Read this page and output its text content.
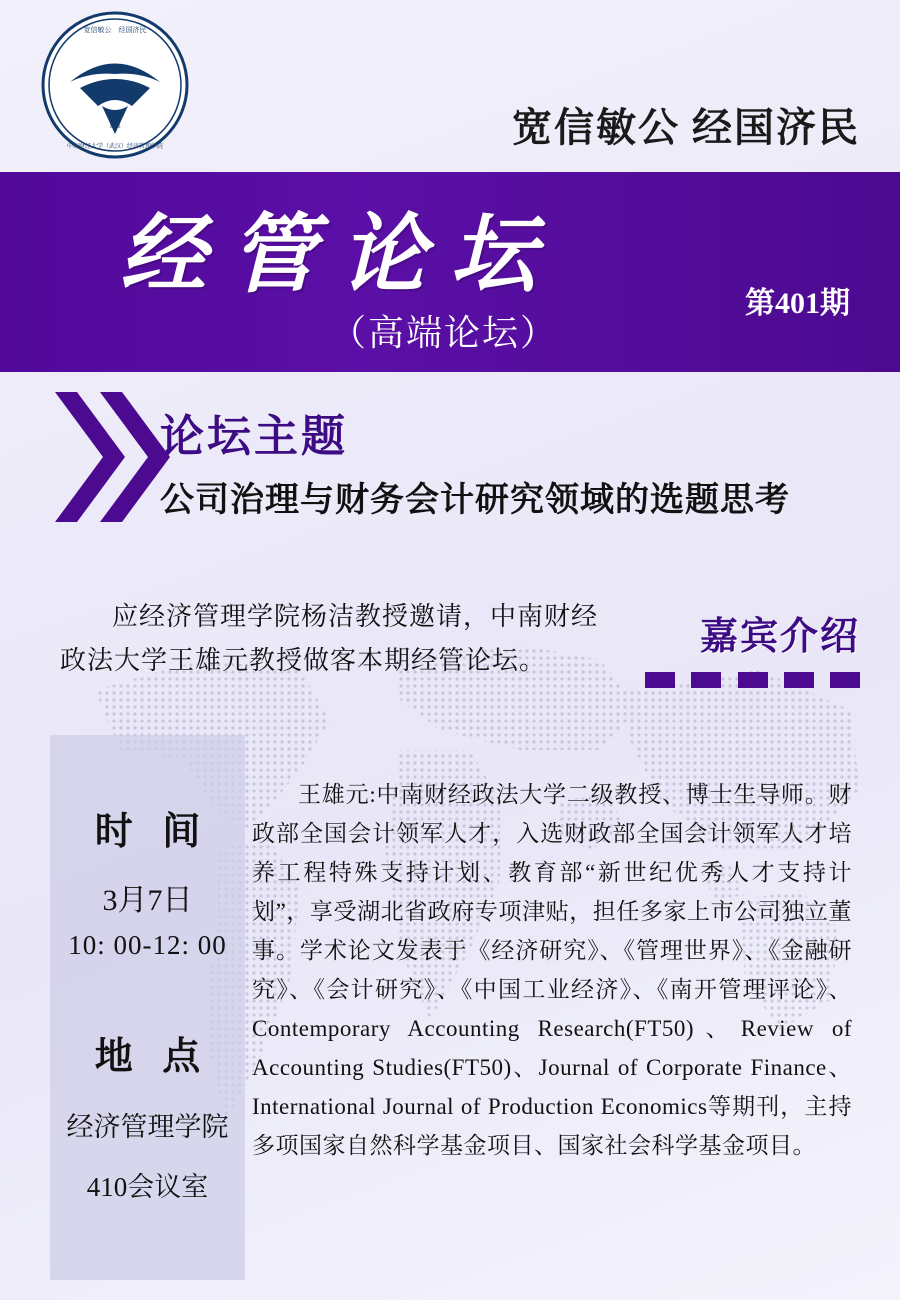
宽信敏公　经国济民
中南财经大学（武汉）经济管理学院
1893	宽信敏公 经国济民
经管论坛
（高端论坛）
第401期
论坛主题
公司治理与财务会计研究领域的选题思考
应经济管理学院杨洁教授邀请，中南财经政法大学王雄元教授做客本期经管论坛。
嘉宾介绍
时 间
3月7日
10: 00-12: 00
地 点
经济管理学院
410会议室
王雄元:中南财经政法大学二级教授、博士生导师。财政部全国会计领军人才，入选财政部全国会计领军人才培养工程特殊支持计划、教育部“新世纪优秀人才支持计划”，享受湖北省政府专项津贴，担任多家上市公司独立董事。学术论文发表于《经济研究》、《管理世界》、《金融研究》、《会计研究》、《中国工业经济》、《南开管理评论》、Contemporary Accounting Research(FT50)、Review of Accounting Studies(FT50)、Journal of Corporate Finance、International Journal of Production Economics等期刊，主持多项国家自然科学基金项目、国家社会科学基金项目。
